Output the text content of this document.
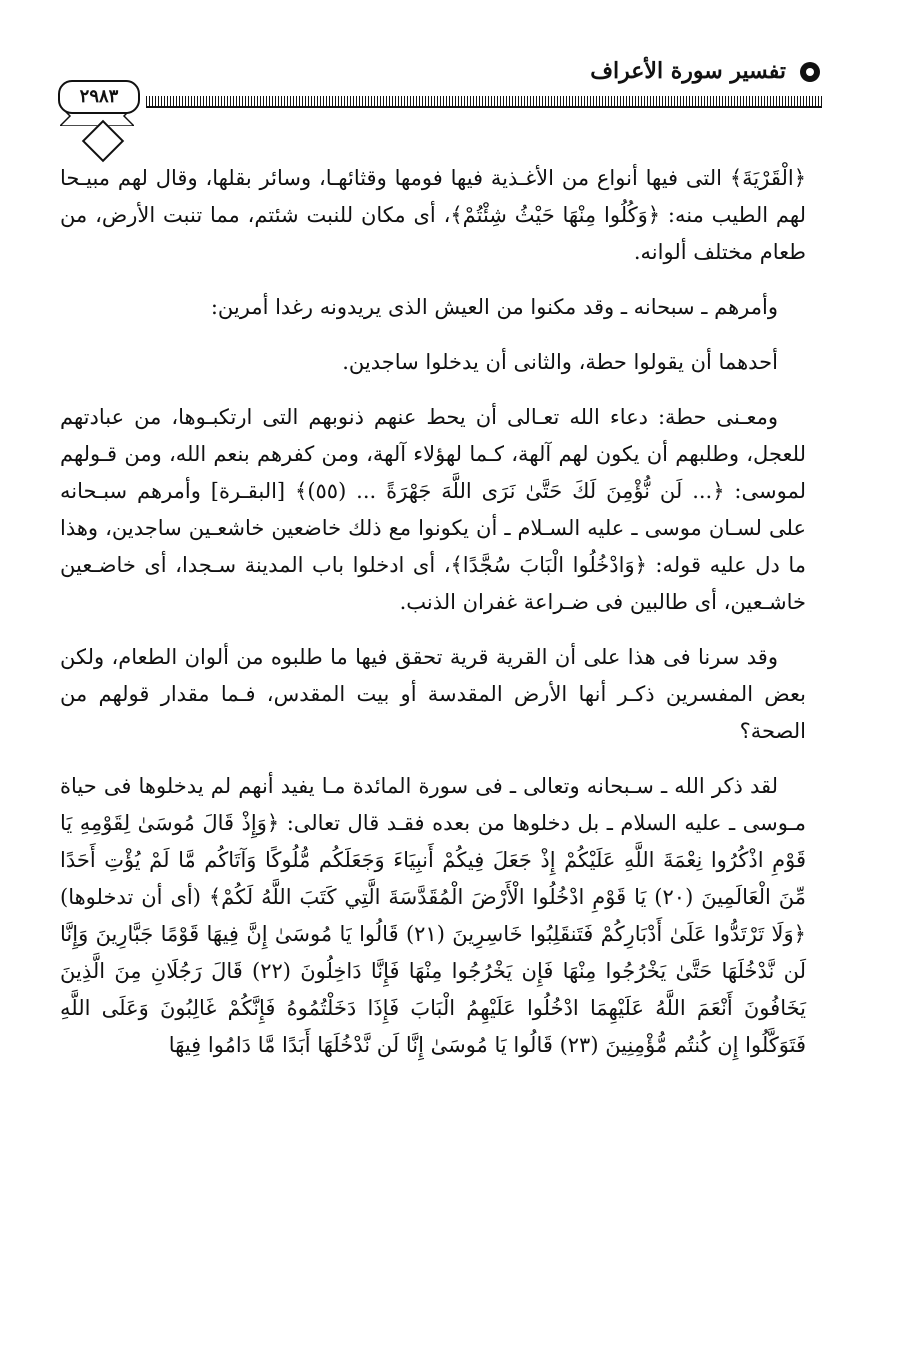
تفسير سورة الأعراف
٢٩٨٣

﴿الْقَرْيَةَ﴾ التى فيها أنواع من الأغـذية فيها فومها وقثائهـا، وسائر بقلها، وقال لهم مبيـحا لهم الطيب منه: ﴿وَكُلُوا مِنْهَا حَيْثُ شِئْتُمْ﴾، أى مكان للنبت شئتم، مما تنبت الأرض، من طعام مختلف ألوانه.

وأمرهم ـ سبحانه ـ وقد مكنوا من العيش الذى يريدونه رغدا أمرين:

أحدهما أن يقولوا حطة، والثانى أن يدخلوا ساجدين.

ومعـنى حطة: دعاء الله تعـالى أن يحط عنهم ذنوبهم التى ارتكبـوها، من عبادتهم للعجل، وطلبهم أن يكون لهم آلهة، كـما لهؤلاء آلهة، ومن كفرهم بنعم الله، ومن قـولهم لموسى: ﴿... لَن نُّؤْمِنَ لَكَ حَتَّىٰ نَرَى اللَّهَ جَهْرَةً ... (٥٥)﴾ [البقـرة] وأمرهم سبـحانه على لسـان موسى ـ عليه السـلام ـ أن يكونوا مع ذلك خاضعين خاشعـين ساجدين، وهذا ما دل عليه قوله: ﴿وَادْخُلُوا الْبَابَ سُجَّدًا﴾، أى ادخلوا باب المدينة سـجدا، أى خاضـعين خاشـعين، أى طالبين فى ضـراعة غفران الذنب.

وقد سرنا فى هذا على أن القرية قرية تحقق فيها ما طلبوه من ألوان الطعام، ولكن بعض المفسرين ذكـر أنها الأرض المقدسة أو بيت المقدس، فـما مقدار قولهم من الصحة؟

لقد ذكر الله ـ سـبحانه وتعالى ـ فى سورة المائدة مـا يفيد أنهم لم يدخلوها فى حياة مـوسى ـ عليه السلام ـ بل دخلوها من بعده فقـد قال تعالى: ﴿وَإِذْ قَالَ مُوسَىٰ لِقَوْمِهِ يَا قَوْمِ اذْكُرُوا نِعْمَةَ اللَّهِ عَلَيْكُمْ إِذْ جَعَلَ فِيكُمْ أَنبِيَاءَ وَجَعَلَكُم مُّلُوكًا وَآتَاكُم مَّا لَمْ يُؤْتِ أَحَدًا مِّنَ الْعَالَمِينَ (٢٠) يَا قَوْمِ ادْخُلُوا الْأَرْضَ الْمُقَدَّسَةَ الَّتِي كَتَبَ اللَّهُ لَكُمْ﴾ (أى أن تدخلوها) ﴿وَلَا تَرْتَدُّوا عَلَىٰ أَدْبَارِكُمْ فَتَنقَلِبُوا خَاسِرِينَ (٢١) قَالُوا يَا مُوسَىٰ إِنَّ فِيهَا قَوْمًا جَبَّارِينَ وَإِنَّا لَن نَّدْخُلَهَا حَتَّىٰ يَخْرُجُوا مِنْهَا فَإِن يَخْرُجُوا مِنْهَا فَإِنَّا دَاخِلُونَ (٢٢) قَالَ رَجُلَانِ مِنَ الَّذِينَ يَخَافُونَ أَنْعَمَ اللَّهُ عَلَيْهِمَا ادْخُلُوا عَلَيْهِمُ الْبَابَ فَإِذَا دَخَلْتُمُوهُ فَإِنَّكُمْ غَالِبُونَ وَعَلَى اللَّهِ فَتَوَكَّلُوا إِن كُنتُم مُّؤْمِنِينَ (٢٣) قَالُوا يَا مُوسَىٰ إِنَّا لَن نَّدْخُلَهَا أَبَدًا مَّا دَامُوا فِيهَا
